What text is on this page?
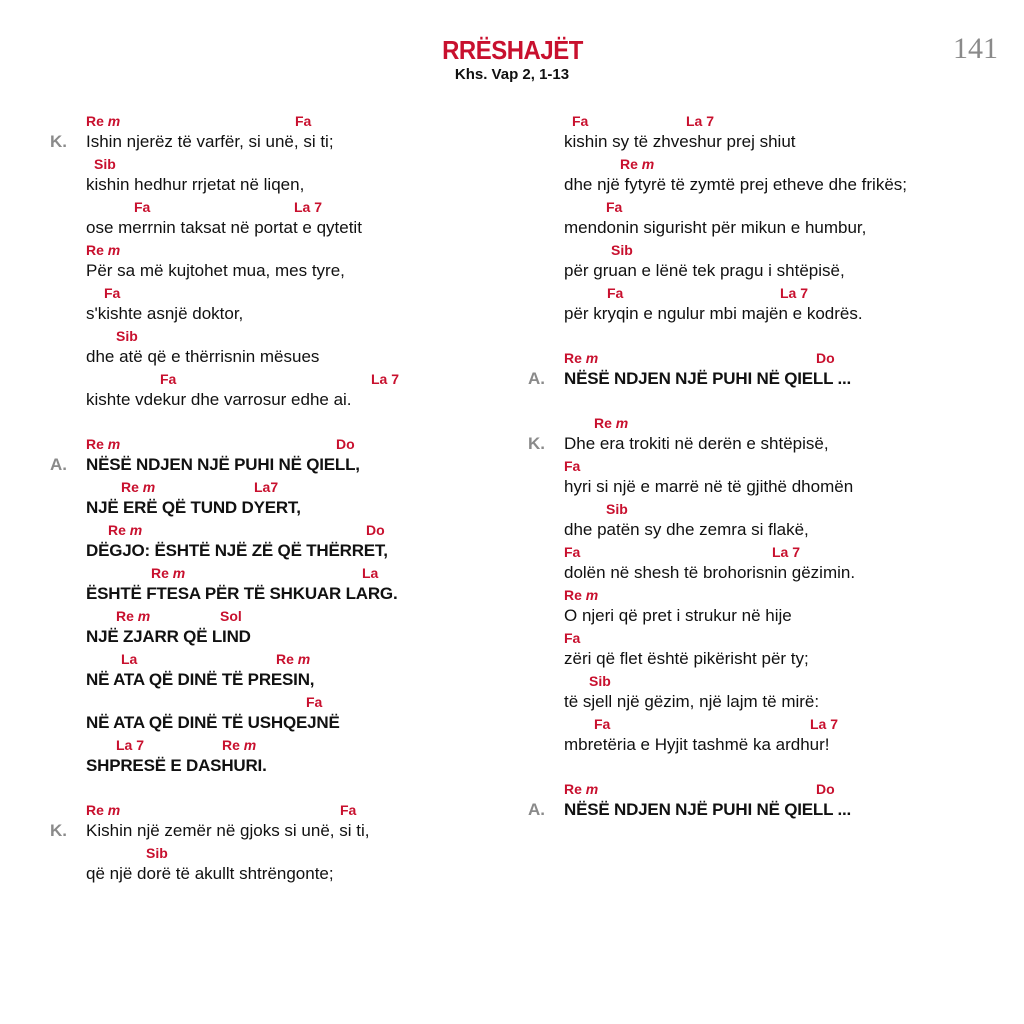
RRËSHAJËT
Khs. Vap 2, 1-13
141
Re m	Fa
Ishin njerëz të varfër, si unë, si ti;
K.
Sib
kishin hedhur rrjetat në liqen,
Fa	La 7
ose merrnin taksat në portat e qytetit
Re m
Për sa më kujtohet mua, mes tyre,
Fa
s'kishte asnjë doktor,
Sib
dhe atë që e thërrisnin mësues
Fa	La 7
kishte vdekur dhe varrosur edhe ai.
Re m	Do
NËSË NDJEN NJË PUHI NË QIELL,
A.
Re m	La7
NJË ERË QË TUND DYERT,
Re m	Do
DËGJO: ËSHTË NJË ZË QË THËRRET,
Re m	La
ËSHTË FTESA PËR TË SHKUAR LARG.
Re m	Sol
NJË ZJARR QË LIND
La	Re m
NË ATA QË DINË TË PRESIN,
Fa
NË ATA QË DINË TË USHQEJNË
La 7	Re m
SHPRESË E DASHURI.
Re m	Fa
Kishin një zemër në gjoks si unë, si ti,
K.
Sib
që një dorë të akullt shtrëngonte;
Fa	La 7
kishin sy të zhveshur prej shiut
Re m
dhe një fytyrë të zymtë prej etheve dhe frikës;
Fa
mendonin sigurisht për mikun e humbur,
Sib
për gruan e lënë tek pragu i shtëpisë,
Fa	La 7
për kryqin e ngulur mbi majën e kodrës.
Re m	Do
NËSË NDJEN NJË PUHI NË QIELL ...
A.
Re m
Dhe era trokiti në derën e shtëpisë,
K.
Fa
hyri si një e marrë në të gjithë dhomën
Sib
dhe patën sy dhe zemra si flakë,
Fa	La 7
dolën në shesh të brohorisnin gëzimin.
Re m
O njeri që pret i strukur në hije
Fa
zëri që flet është pikërisht për ty;
Sib
të sjell një gëzim, një lajm të mirë:
Fa	La 7
mbretëria e Hyjit tashmë ka ardhur!
Re m	Do
NËSË NDJEN NJË PUHI NË QIELL ...
A.
